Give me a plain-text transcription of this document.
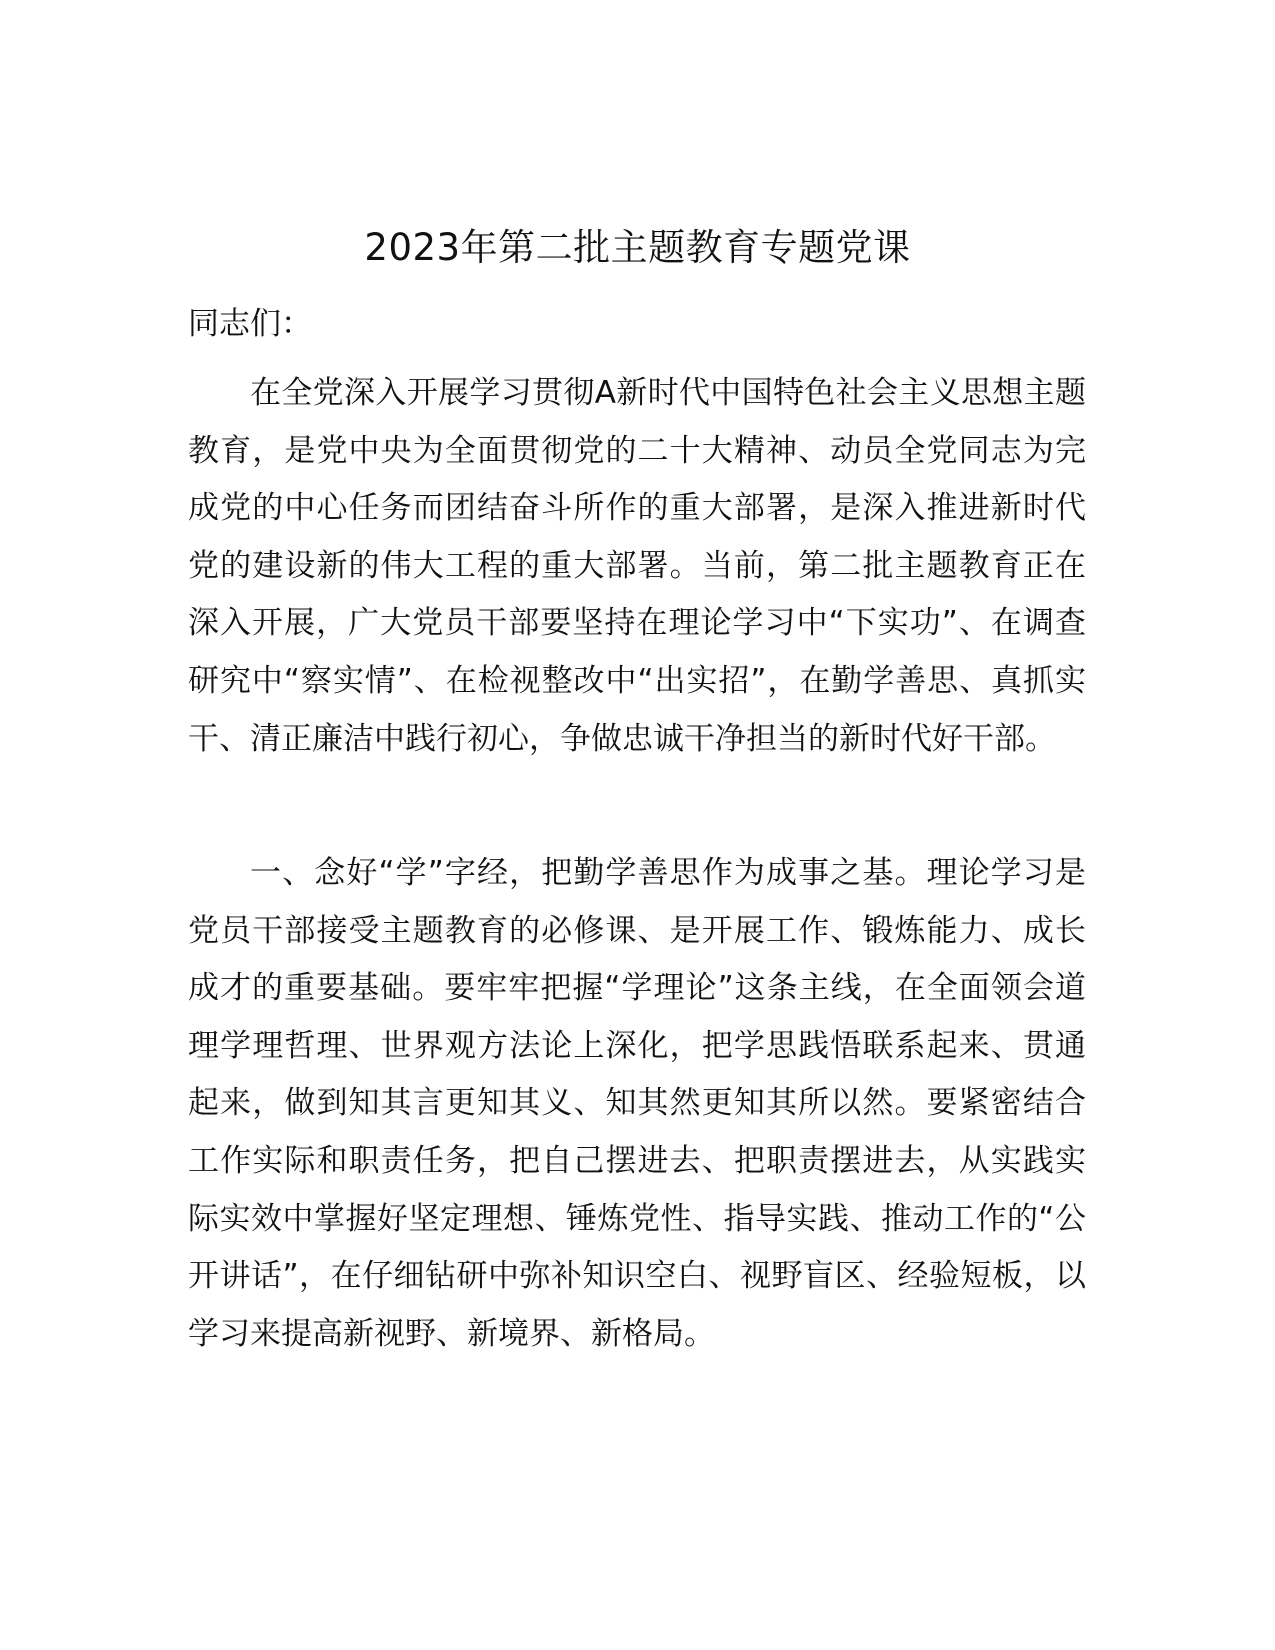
2023年第二批主题教育专题党课

同志们：

在全党深入开展学习贯彻A新时代中国特色社会主义思想主题教育，是党中央为全面贯彻党的二十大精神、动员全党同志为完成党的中心任务而团结奋斗所作的重大部署，是深入推进新时代党的建设新的伟大工程的重大部署。当前，第二批主题教育正在深入开展，广大党员干部要坚持在理论学习中“下实功”、在调查研究中“察实情”、在检视整改中“出实招”，在勤学善思、真抓实干、清正廉洁中践行初心，争做忠诚干净担当的新时代好干部。

一、念好“学”字经，把勤学善思作为成事之基。理论学习是党员干部接受主题教育的必修课、是开展工作、锻炼能力、成长成才的重要基础。要牢牢把握“学理论”这条主线，在全面领会道理学理哲理、世界观方法论上深化，把学思践悟联系起来、贯通起来，做到知其言更知其义、知其然更知其所以然。要紧密结合工作实际和职责任务，把自己摆进去、把职责摆进去，从实践实际实效中掌握好坚定理想、锤炼党性、指导实践、推动工作的“公开讲话”，在仔细钻研中弥补知识空白、视野盲区、经验短板，以学习来提高新视野、新境界、新格局。
